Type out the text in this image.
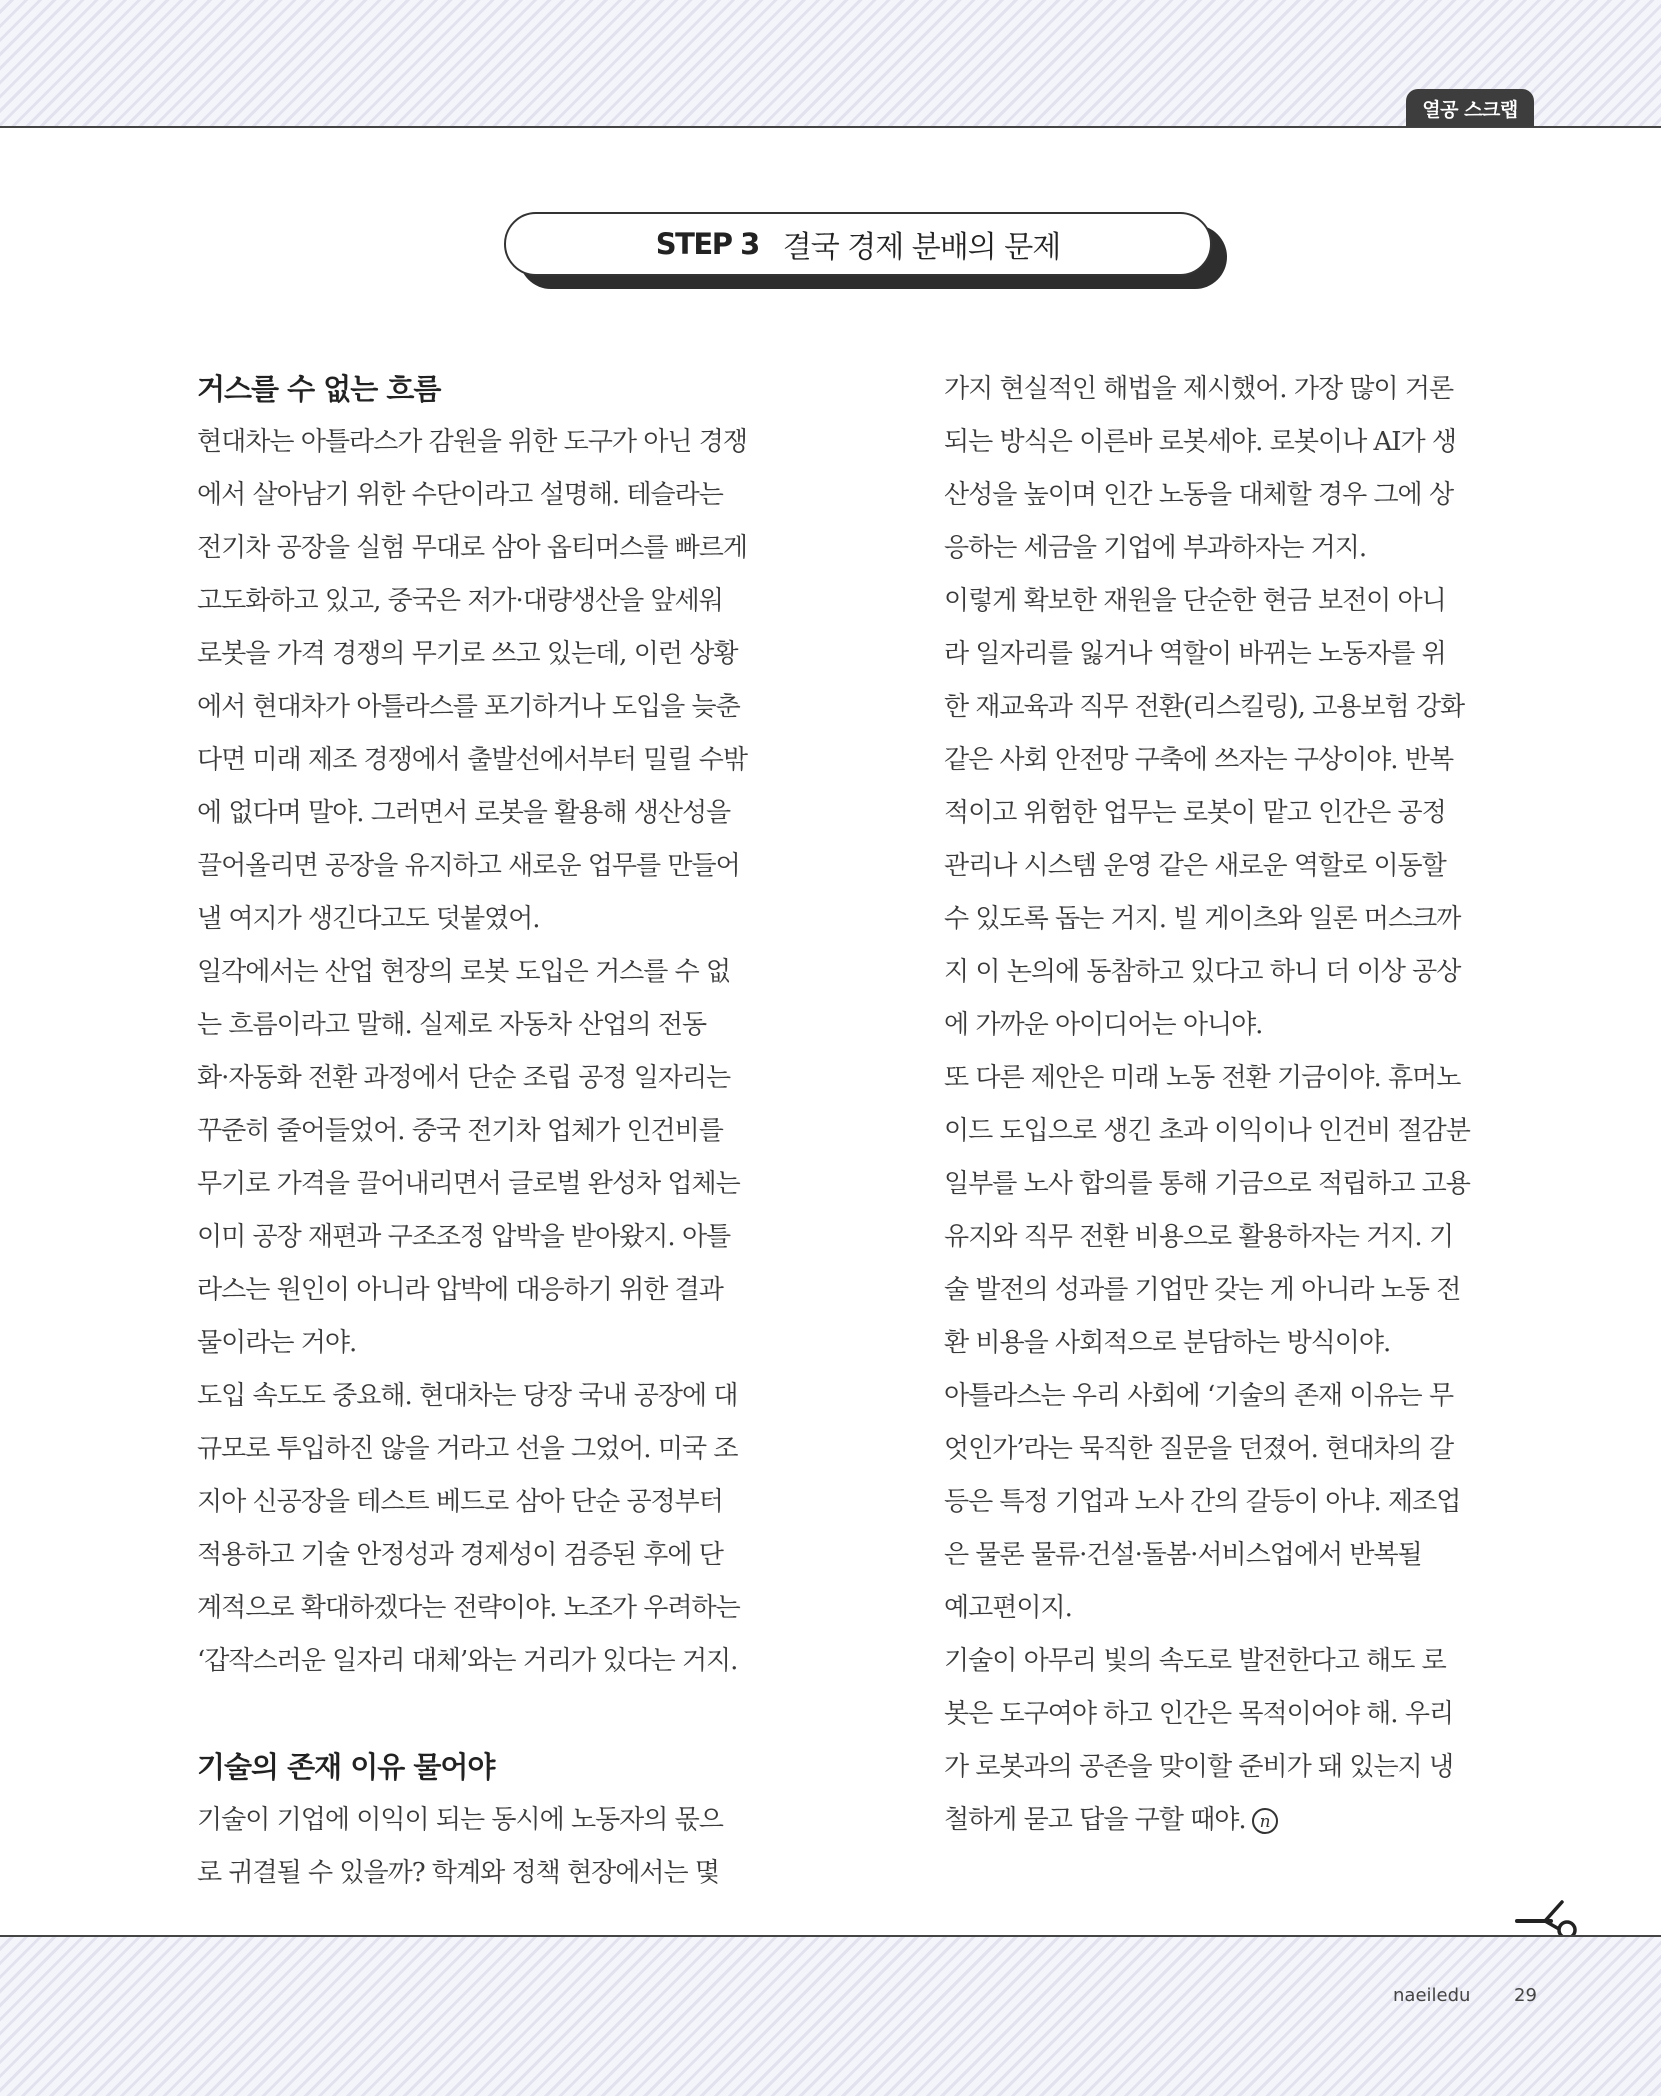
열공 스크랩
STEP 3 결국 경제 분배의 문제
거스를 수 없는 흐름
현대차는 아틀라스가 감원을 위한 도구가 아닌 경쟁
에서 살아남기 위한 수단이라고 설명해. 테슬라는
전기차 공장을 실험 무대로 삼아 옵티머스를 빠르게
고도화하고 있고, 중국은 저가·대량생산을 앞세워
로봇을 가격 경쟁의 무기로 쓰고 있는데, 이런 상황
에서 현대차가 아틀라스를 포기하거나 도입을 늦춘
다면 미래 제조 경쟁에서 출발선에서부터 밀릴 수밖
에 없다며 말야. 그러면서 로봇을 활용해 생산성을
끌어올리면 공장을 유지하고 새로운 업무를 만들어
낼 여지가 생긴다고도 덧붙였어.
일각에서는 산업 현장의 로봇 도입은 거스를 수 없
는 흐름이라고 말해. 실제로 자동차 산업의 전동
화·자동화 전환 과정에서 단순 조립 공정 일자리는
꾸준히 줄어들었어. 중국 전기차 업체가 인건비를
무기로 가격을 끌어내리면서 글로벌 완성차 업체는
이미 공장 재편과 구조조정 압박을 받아왔지. 아틀
라스는 원인이 아니라 압박에 대응하기 위한 결과
물이라는 거야.
도입 속도도 중요해. 현대차는 당장 국내 공장에 대
규모로 투입하진 않을 거라고 선을 그었어. 미국 조
지아 신공장을 테스트 베드로 삼아 단순 공정부터
적용하고 기술 안정성과 경제성이 검증된 후에 단
계적으로 확대하겠다는 전략이야. 노조가 우려하는
‘갑작스러운 일자리 대체’와는 거리가 있다는 거지.
기술의 존재 이유 물어야
기술이 기업에 이익이 되는 동시에 노동자의 몫으
로 귀결될 수 있을까? 학계와 정책 현장에서는 몇
가지 현실적인 해법을 제시했어. 가장 많이 거론
되는 방식은 이른바 로봇세야. 로봇이나 AI가 생
산성을 높이며 인간 노동을 대체할 경우 그에 상
응하는 세금을 기업에 부과하자는 거지.
이렇게 확보한 재원을 단순한 현금 보전이 아니
라 일자리를 잃거나 역할이 바뀌는 노동자를 위
한 재교육과 직무 전환(리스킬링), 고용보험 강화
같은 사회 안전망 구축에 쓰자는 구상이야. 반복
적이고 위험한 업무는 로봇이 맡고 인간은 공정
관리나 시스템 운영 같은 새로운 역할로 이동할
수 있도록 돕는 거지. 빌 게이츠와 일론 머스크까
지 이 논의에 동참하고 있다고 하니 더 이상 공상
에 가까운 아이디어는 아니야.
또 다른 제안은 미래 노동 전환 기금이야. 휴머노
이드 도입으로 생긴 초과 이익이나 인건비 절감분
일부를 노사 합의를 통해 기금으로 적립하고 고용
유지와 직무 전환 비용으로 활용하자는 거지. 기
술 발전의 성과를 기업만 갖는 게 아니라 노동 전
환 비용을 사회적으로 분담하는 방식이야.
아틀라스는 우리 사회에 ‘기술의 존재 이유는 무
엇인가’라는 묵직한 질문을 던졌어. 현대차의 갈
등은 특정 기업과 노사 간의 갈등이 아냐. 제조업
은 물론 물류·건설·돌봄·서비스업에서 반복될
예고편이지.
기술이 아무리 빛의 속도로 발전한다고 해도 로
봇은 도구여야 하고 인간은 목적이어야 해. 우리
가 로봇과의 공존을 맞이할 준비가 돼 있는지 냉
철하게 묻고 답을 구할 때야. n
naeiledu 29
